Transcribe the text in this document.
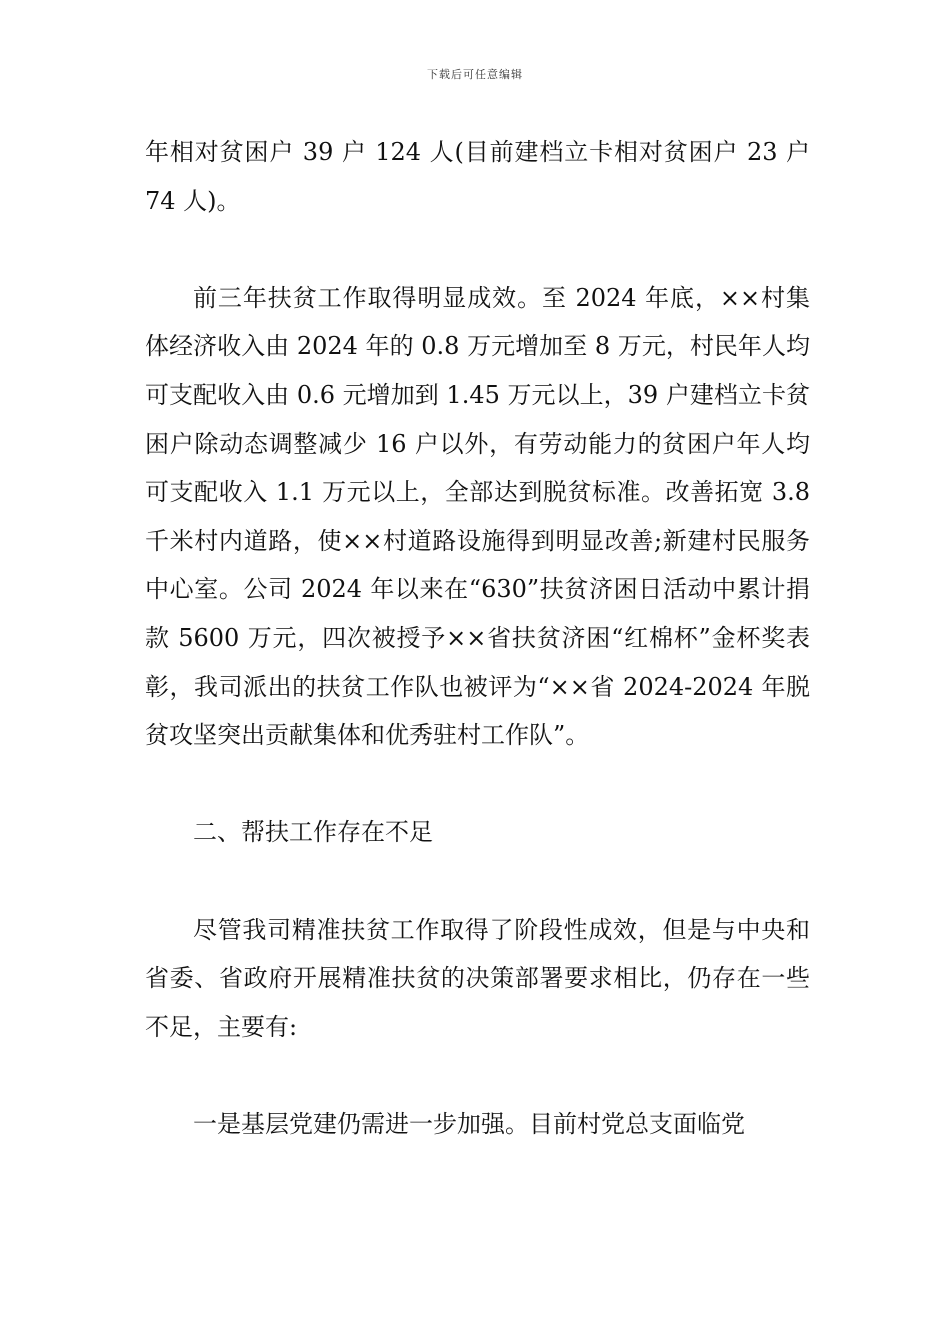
下载后可任意编辑

年相对贫困户 39 户 124 人(目前建档立卡相对贫困户 23 户 74 人)。

前三年扶贫工作取得明显成效。至 2024 年底，××村集体经济收入由 2024 年的 0.8 万元增加至 8 万元，村民年人均可支配收入由 0.6 元增加到 1.45 万元以上，39 户建档立卡贫困户除动态调整减少 16 户以外，有劳动能力的贫困户年人均可支配收入 1.1 万元以上，全部达到脱贫标准。改善拓宽 3.8 千米村内道路，使××村道路设施得到明显改善;新建村民服务中心室。公司 2024 年以来在“630”扶贫济困日活动中累计捐款 5600 万元，四次被授予××省扶贫济困“红棉杯”金杯奖表彰，我司派出的扶贫工作队也被评为“××省 2024-2024 年脱贫攻坚突出贡献集体和优秀驻村工作队”。

二、帮扶工作存在不足

尽管我司精准扶贫工作取得了阶段性成效，但是与中央和省委、省政府开展精准扶贫的决策部署要求相比，仍存在一些不足，主要有:

一是基层党建仍需进一步加强。目前村党总支面临党
